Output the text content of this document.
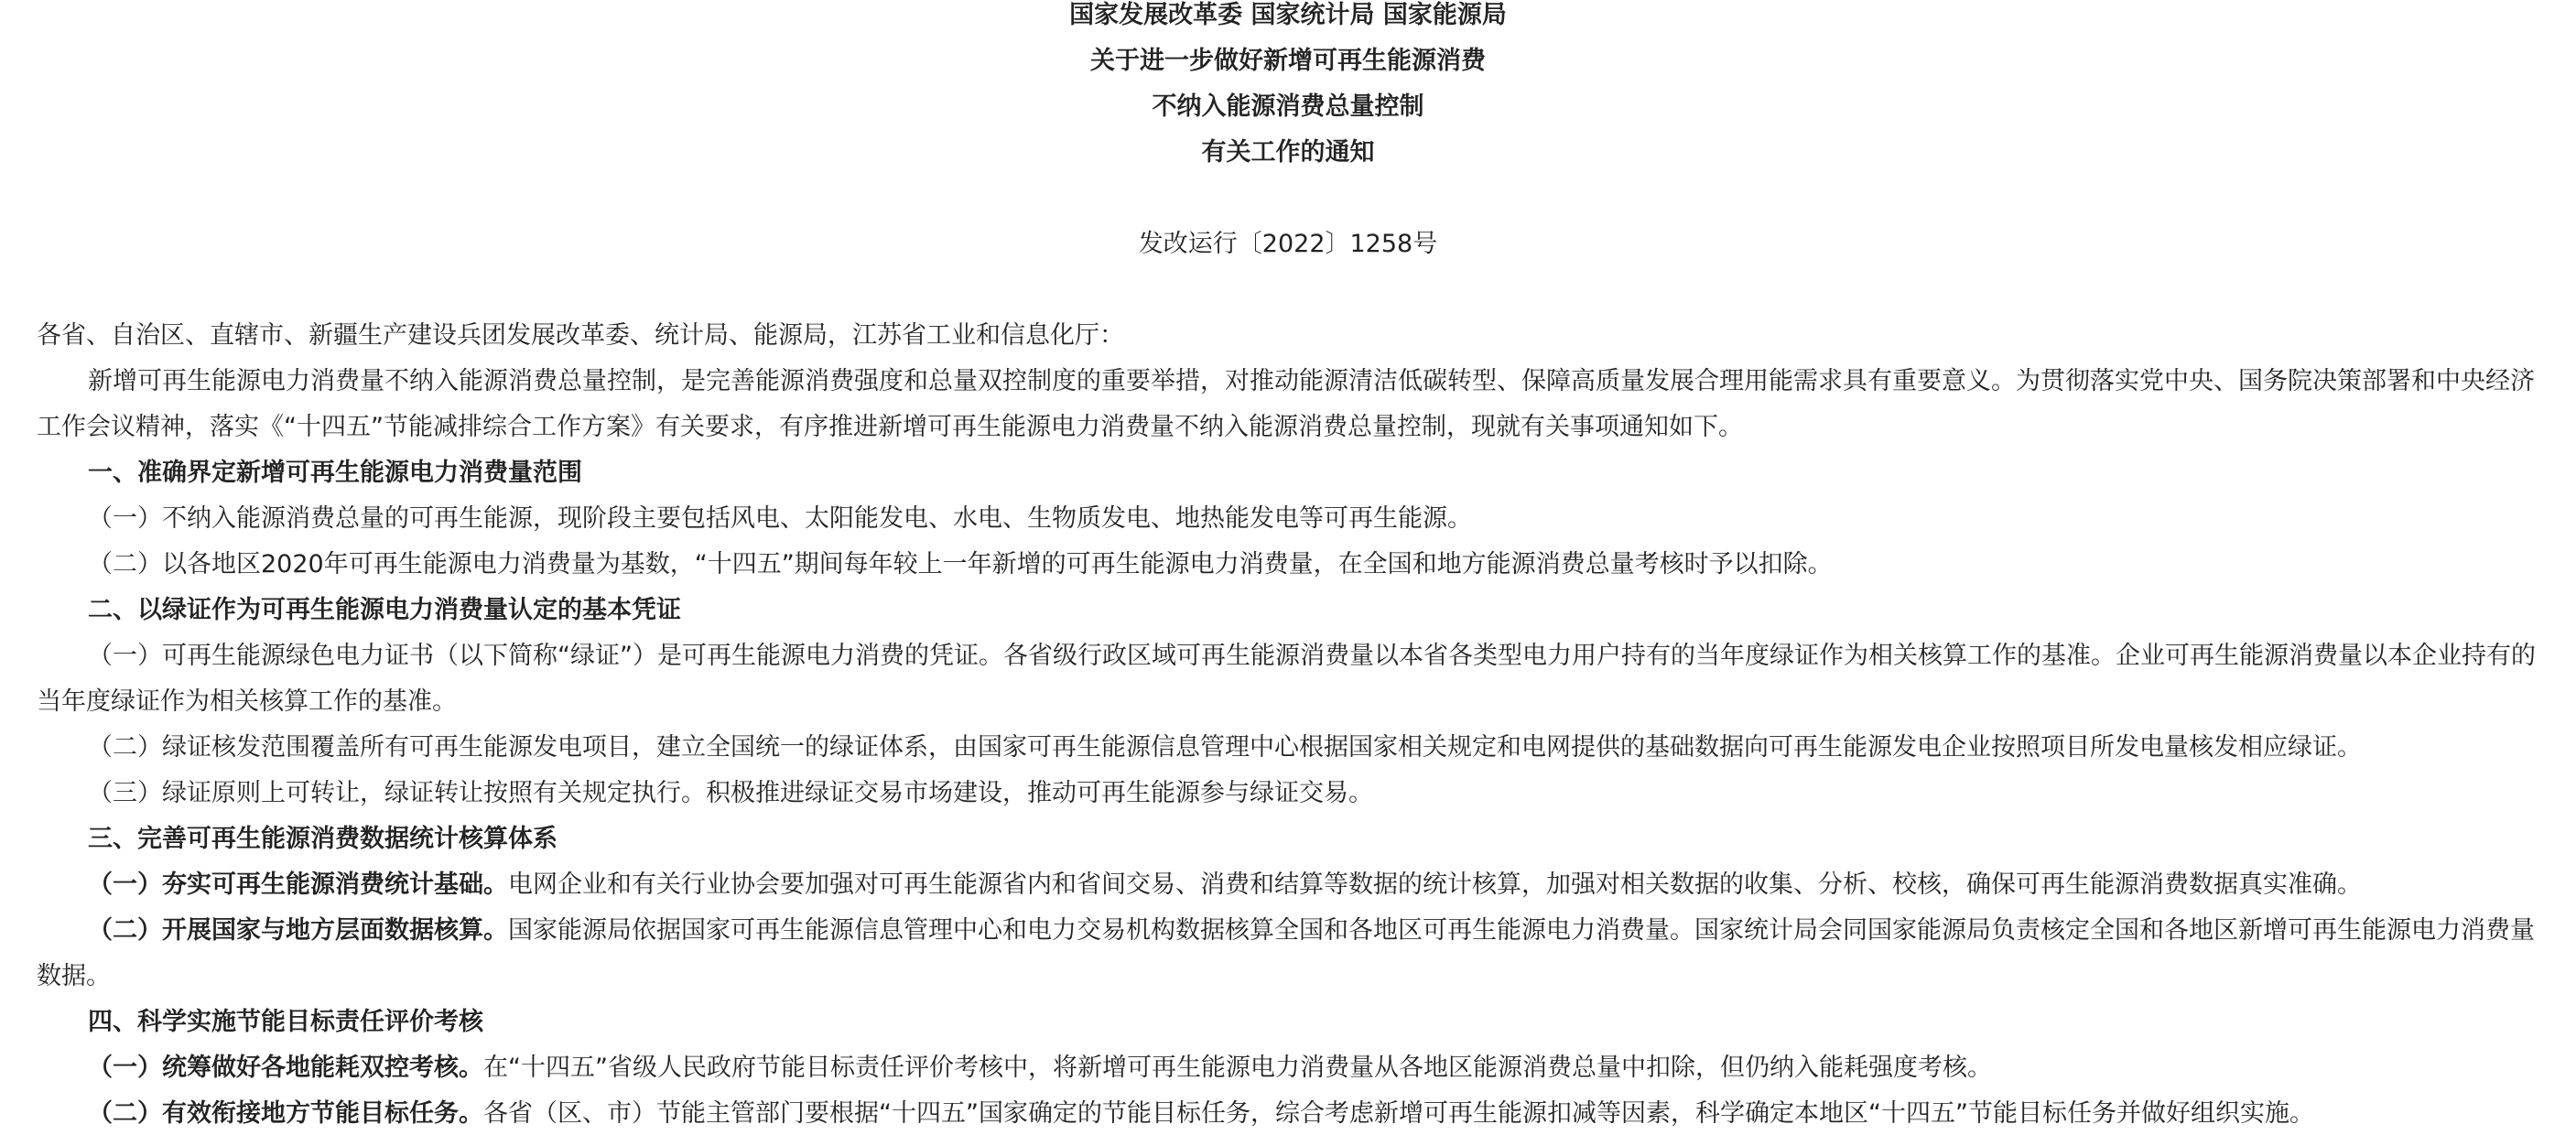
国家发展改革委 国家统计局 国家能源局
关于进一步做好新增可再生能源消费
不纳入能源消费总量控制
有关工作的通知
发改运行〔2022〕1258号
各省、自治区、直辖市、新疆生产建设兵团发展改革委、统计局、能源局，江苏省工业和信息化厅：

新增可再生能源电力消费量不纳入能源消费总量控制，是完善能源消费强度和总量双控制度的重要举措，对推动能源清洁低碳转型、保障高质量发展合理用能需求具有重要意义。为贯彻落实党中央、国务院决策部署和中央经济工作会议精神，落实《“十四五”节能减排综合工作方案》有关要求，有序推进新增可再生能源电力消费量不纳入能源消费总量控制，现就有关事项通知如下。

一、准确界定新增可再生能源电力消费量范围

（一）不纳入能源消费总量的可再生能源，现阶段主要包括风电、太阳能发电、水电、生物质发电、地热能发电等可再生能源。

（二）以各地区2020年可再生能源电力消费量为基数，“十四五”期间每年较上一年新增的可再生能源电力消费量，在全国和地方能源消费总量考核时予以扣除。

二、以绿证作为可再生能源电力消费量认定的基本凭证

（一）可再生能源绿色电力证书（以下简称“绿证”）是可再生能源电力消费的凭证。各省级行政区域可再生能源消费量以本省各类型电力用户持有的当年度绿证作为相关核算工作的基准。企业可再生能源消费量以本企业持有的当年度绿证作为相关核算工作的基准。

（二）绿证核发范围覆盖所有可再生能源发电项目，建立全国统一的绿证体系，由国家可再生能源信息管理中心根据国家相关规定和电网提供的基础数据向可再生能源发电企业按照项目所发电量核发相应绿证。

（三）绿证原则上可转让，绿证转让按照有关规定执行。积极推进绿证交易市场建设，推动可再生能源参与绿证交易。

三、完善可再生能源消费数据统计核算体系

（一）夯实可再生能源消费统计基础。电网企业和有关行业协会要加强对可再生能源省内和省间交易、消费和结算等数据的统计核算，加强对相关数据的收集、分析、校核，确保可再生能源消费数据真实准确。

（二）开展国家与地方层面数据核算。国家能源局依据国家可再生能源信息管理中心和电力交易机构数据核算全国和各地区可再生能源电力消费量。国家统计局会同国家能源局负责核定全国和各地区新增可再生能源电力消费量数据。

四、科学实施节能目标责任评价考核

（一）统筹做好各地能耗双控考核。在“十四五”省级人民政府节能目标责任评价考核中，将新增可再生能源电力消费量从各地区能源消费总量中扣除，但仍纳入能耗强度考核。

（二）有效衔接地方节能目标任务。各省（区、市）节能主管部门要根据“十四五”国家确定的节能目标任务，综合考虑新增可再生能源扣减等因素，科学确定本地区“十四五”节能目标任务并做好组织实施。
